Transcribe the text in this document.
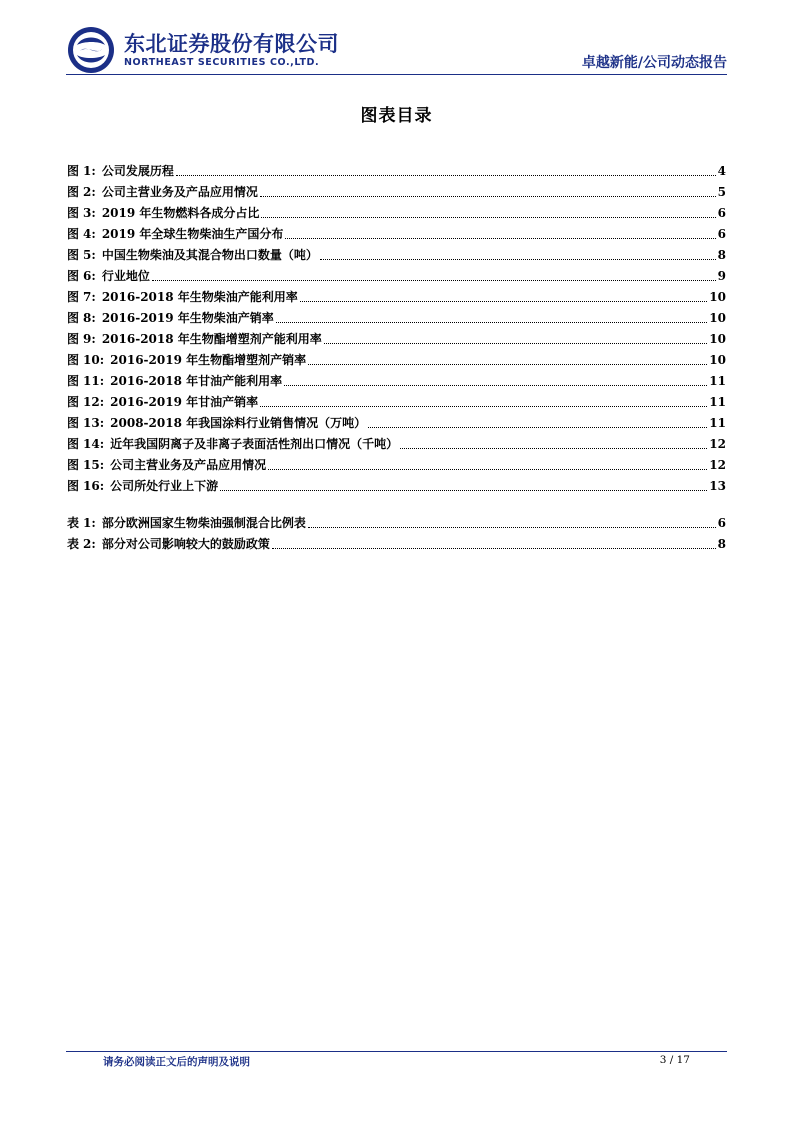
东北证券股份有限公司
NORTHEAST SECURITIES CO.,LTD.	卓越新能/公司动态报告
图表目录
图 1: 公司发展历程	4
图 2: 公司主营业务及产品应用情况	5
图 3: 2019 年生物燃料各成分占比	6
图 4: 2019 年全球生物柴油生产国分布	6
图 5: 中国生物柴油及其混合物出口数量（吨）	8
图 6: 行业地位	9
图 7: 2016-2018 年生物柴油产能利用率	10
图 8: 2016-2019 年生物柴油产销率	10
图 9: 2016-2018 年生物酯增塑剂产能利用率	10
图 10: 2016-2019 年生物酯增塑剂产销率	10
图 11: 2016-2018 年甘油产能利用率	11
图 12: 2016-2019 年甘油产销率	11
图 13: 2008-2018 年我国涂料行业销售情况（万吨）	11
图 14: 近年我国阴离子及非离子表面活性剂出口情况（千吨）	12
图 15: 公司主营业务及产品应用情况	12
图 16: 公司所处行业上下游	13
表 1: 部分欧洲国家生物柴油强制混合比例表	6
表 2: 部分对公司影响较大的鼓励政策	8
请务必阅读正文后的声明及说明	3 / 17
